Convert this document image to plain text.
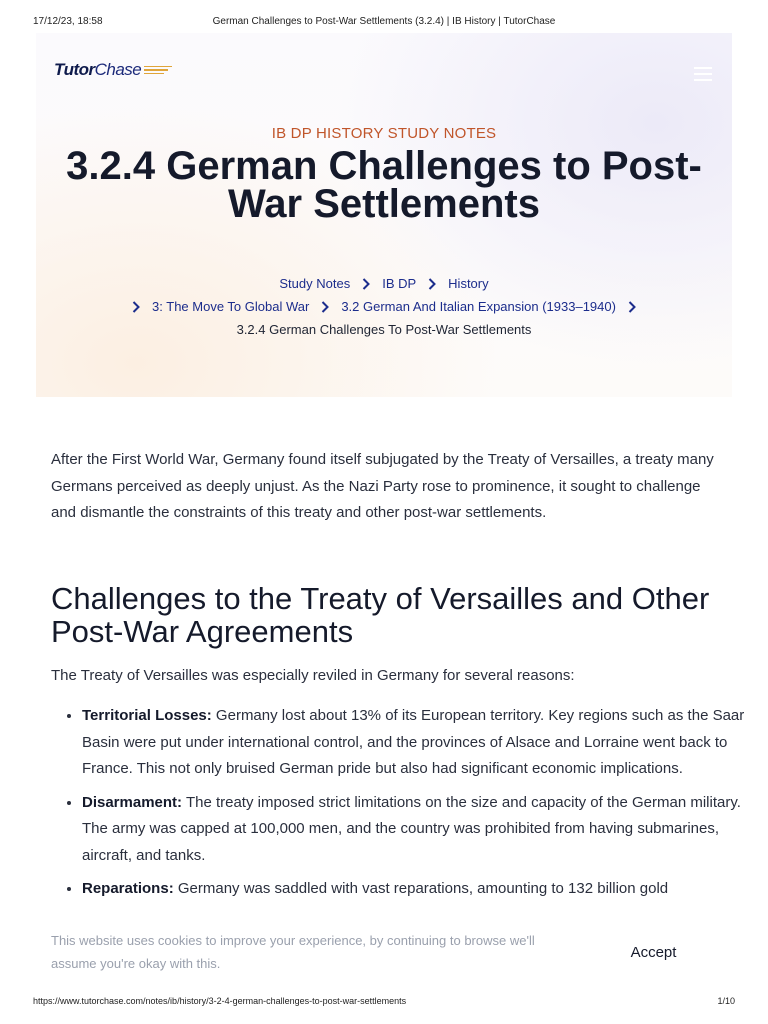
17/12/23, 18:58	German Challenges to Post-War Settlements (3.2.4) | IB History | TutorChase
Tutor Chase
IB DP HISTORY STUDY NOTES
3.2.4 German Challenges to Post-War Settlements
Study Notes IB DP History
3: The Move To Global War 3.2 German And Italian Expansion (1933–1940)
3.2.4 German Challenges To Post-War Settlements

After the First World War, Germany found itself subjugated by the Treaty of Versailles, a treaty many Germans perceived as deeply unjust. As the Nazi Party rose to prominence, it sought to challenge and dismantle the constraints of this treaty and other post-war settlements.

Challenges to the Treaty of Versailles and Other Post-War Agreements

The Treaty of Versailles was especially reviled in Germany for several reasons:

• Territorial Losses: Germany lost about 13% of its European territory. Key regions such as the Saar Basin were put under international control, and the provinces of Alsace and Lorraine went back to France. This not only bruised German pride but also had significant economic implications.
• Disarmament: The treaty imposed strict limitations on the size and capacity of the German military. The army was capped at 100,000 men, and the country was prohibited from having submarines, aircraft, and tanks.
• Reparations: Germany was saddled with vast reparations, amounting to 132 billion gold
This website uses cookies to improve your experience, by continuing to browse we'll assume you're okay with this.
Accept
https://www.tutorchase.com/notes/ib/history/3-2-4-german-challenges-to-post-war-settlements	1/10
